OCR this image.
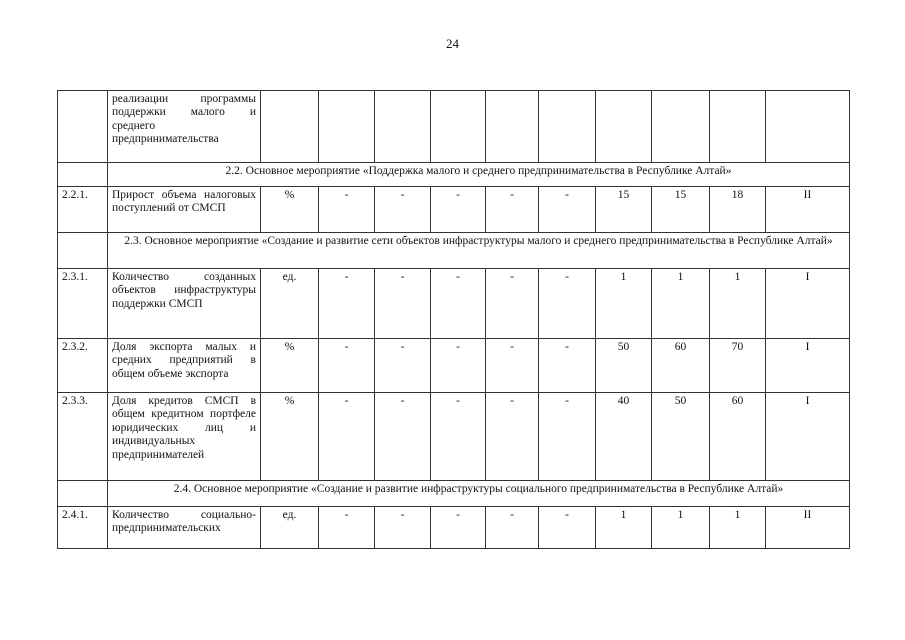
24
	реализации программы поддержки малого и среднего предпринимательства										
	2.2. Основное мероприятие «Поддержка малого и среднего предпринимательства в Республике Алтай»										
2.2.1.	Прирост объема налоговых поступлений от СМСП	%	-	-	-	-	-	15	15	18	II
	2.3. Основное мероприятие «Создание и развитие сети объектов инфраструктуры малого и среднего предпринимательства в Республике Алтай»										
2.3.1.	Количество созданных объектов инфраструктуры поддержки СМСП	ед.	-	-	-	-	-	1	1	1	I
2.3.2.	Доля экспорта малых и средних предприятий в общем объеме экспорта	%	-	-	-	-	-	50	60	70	I
2.3.3.	Доля кредитов СМСП в общем кредитном портфеле юридических лиц и индивидуальных предпринимателей	%	-	-	-	-	-	40	50	60	I
	2.4. Основное мероприятие «Создание и развитие инфраструктуры социального предпринимательства в Республике Алтай»										
2.4.1.	Количество социально-предпринимательских	ед.	-	-	-	-	-	1	1	1	II
